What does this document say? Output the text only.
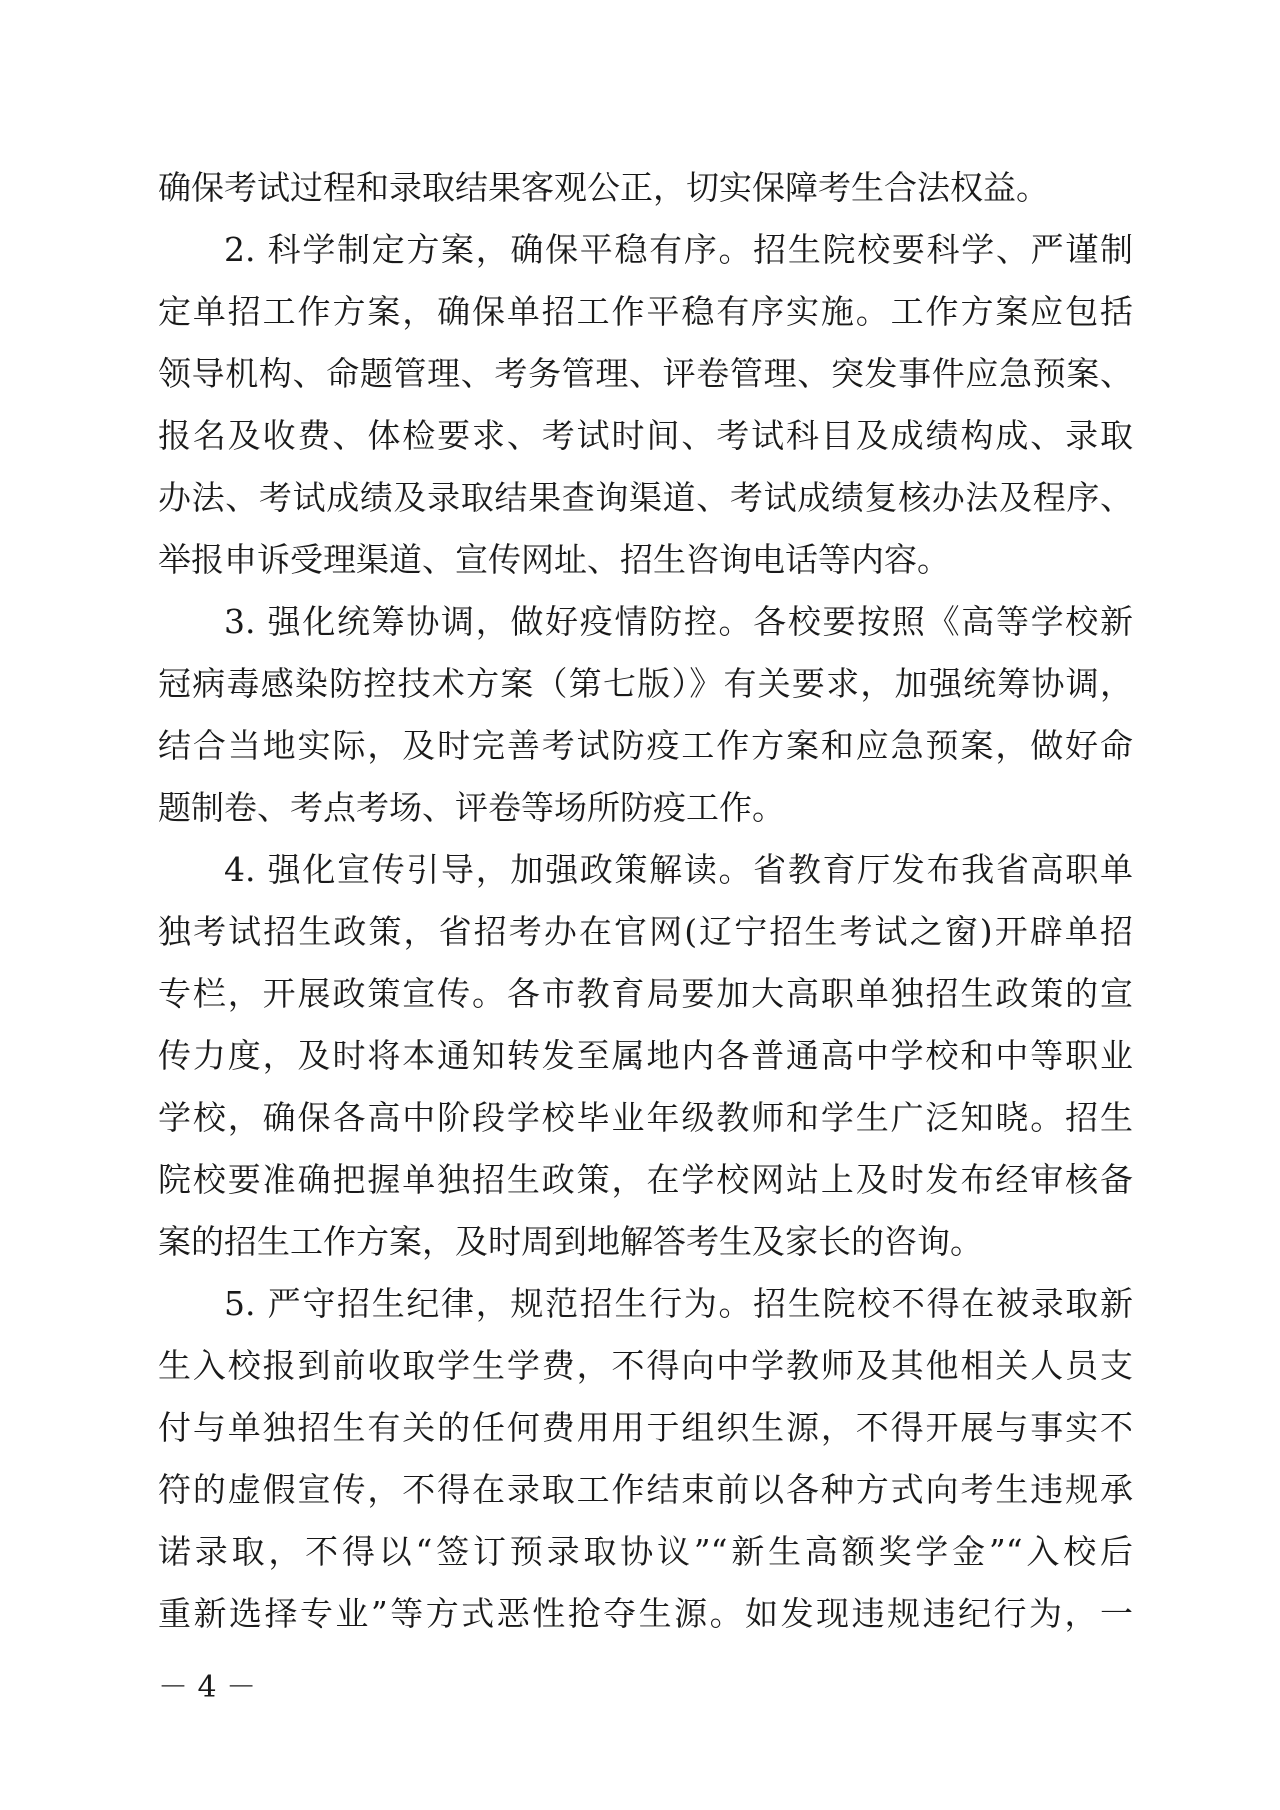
确保考试过程和录取结果客观公正，切实保障考生合法权益。
2. 科学制定方案，确保平稳有序。招生院校要科学、严谨制
定单招工作方案，确保单招工作平稳有序实施。工作方案应包括
领导机构、命题管理、考务管理、评卷管理、突发事件应急预案、
报名及收费、体检要求、考试时间、考试科目及成绩构成、录取
办法、考试成绩及录取结果查询渠道、考试成绩复核办法及程序、
举报申诉受理渠道、宣传网址、招生咨询电话等内容。
3. 强化统筹协调，做好疫情防控。各校要按照《高等学校新
冠病毒感染防控技术方案（第七版）》有关要求，加强统筹协调，
结合当地实际，及时完善考试防疫工作方案和应急预案，做好命
题制卷、考点考场、评卷等场所防疫工作。
4. 强化宣传引导，加强政策解读。省教育厅发布我省高职单
独考试招生政策，省招考办在官网(辽宁招生考试之窗)开辟单招
专栏，开展政策宣传。各市教育局要加大高职单独招生政策的宣
传力度，及时将本通知转发至属地内各普通高中学校和中等职业
学校，确保各高中阶段学校毕业年级教师和学生广泛知晓。招生
院校要准确把握单独招生政策，在学校网站上及时发布经审核备
案的招生工作方案，及时周到地解答考生及家长的咨询。
5. 严守招生纪律，规范招生行为。招生院校不得在被录取新
生入校报到前收取学生学费，不得向中学教师及其他相关人员支
付与单独招生有关的任何费用用于组织生源，不得开展与事实不
符的虚假宣传，不得在录取工作结束前以各种方式向考生违规承
诺录取，不得以“签订预录取协议”“新生高额奖学金”“入校后
重新选择专业”等方式恶性抢夺生源。如发现违规违纪行为，一
－ 4 －
